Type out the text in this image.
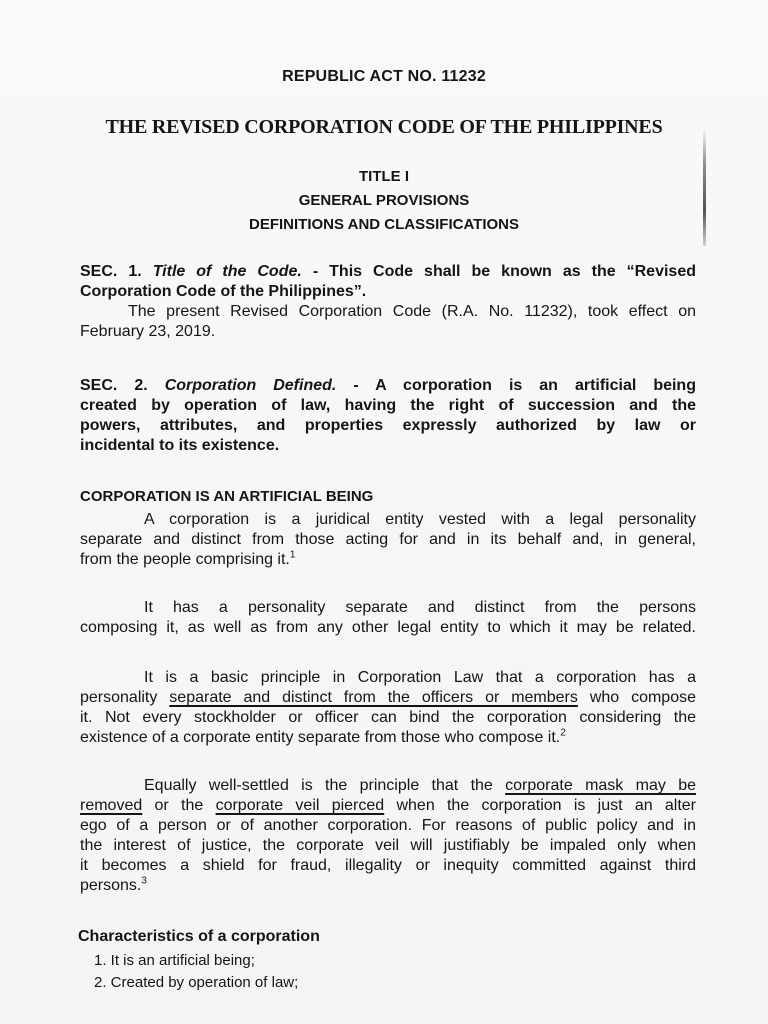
REPUBLIC ACT NO. 11232
THE REVISED CORPORATION CODE OF THE PHILIPPINES
TITLE I
GENERAL PROVISIONS
DEFINITIONS AND CLASSIFICATIONS
SEC. 1. Title of the Code. - This Code shall be known as the “Revised
Corporation Code of the Philippines”.
The present Revised Corporation Code (R.A. No. 11232), took effect on
February 23, 2019.
SEC. 2. Corporation Defined. - A corporation is an artificial being
created by operation of law, having the right of succession and the
powers, attributes, and properties expressly authorized by law or
incidental to its existence.
CORPORATION IS AN ARTIFICIAL BEING
A corporation is a juridical entity vested with a legal personality
separate and distinct from those acting for and in its behalf and, in general,
from the people comprising it.$^1$
It has a personality separate and distinct from the persons
composing it, as well as from any other legal entity to which it may be related.
It is a basic principle in Corporation Law that a corporation has a
personality separate and distinct from the officers or members who compose
it. Not every stockholder or officer can bind the corporation considering the
existence of a corporate entity separate from those who compose it.$^2$
Equally well-settled is the principle that the corporate mask may be
removed or the corporate veil pierced when the corporation is just an alter
ego of a person or of another corporation. For reasons of public policy and in
the interest of justice, the corporate veil will justifiably be impaled only when
it becomes a shield for fraud, illegality or inequity committed against third
persons.$^3$
Characteristics of a corporation
1. It is an artificial being;
2. Created by operation of law;
